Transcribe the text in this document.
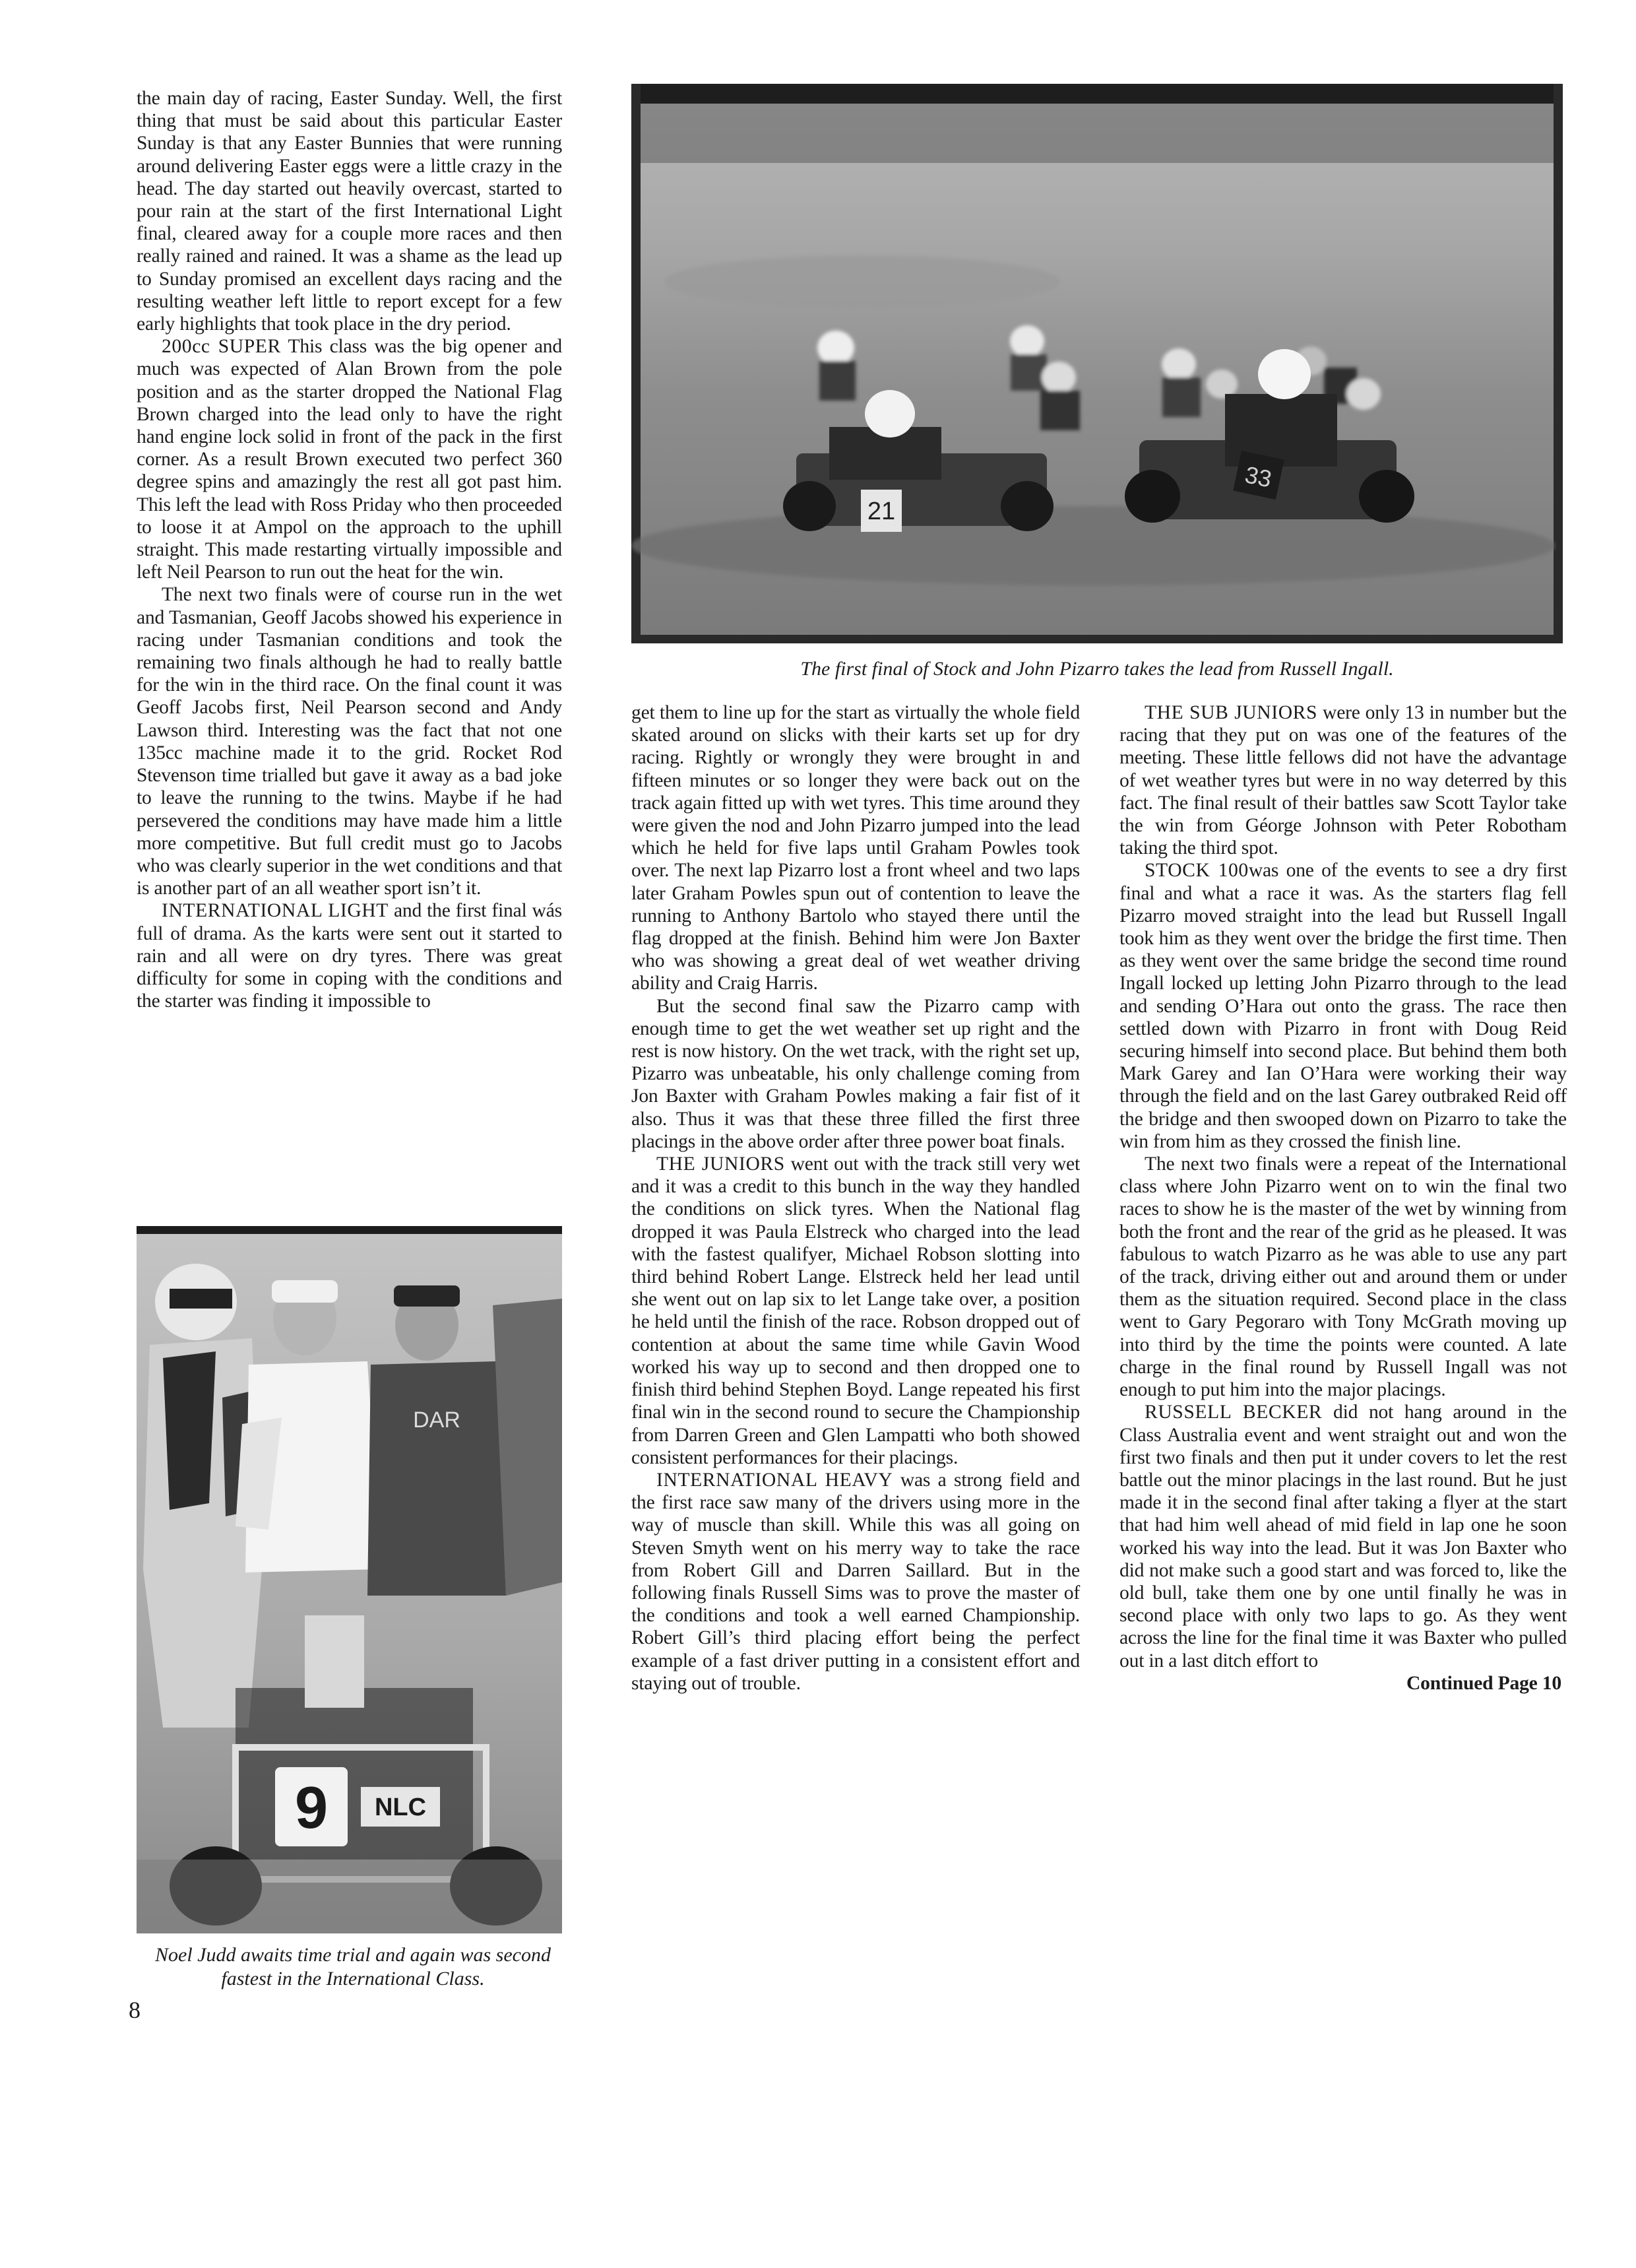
the main day of racing, Easter Sunday. Well, the first thing that must be said about this particular Easter Sunday is that any Easter Bunnies that were running around delivering Easter eggs were a little crazy in the head. The day started out heavily overcast, started to pour rain at the start of the first International Light final, cleared away for a couple more races and then really rained and rained. It was a shame as the lead up to Sunday promised an excellent days racing and the resulting weather left little to report except for a few early highlights that took place in the dry period.

200cc SUPER This class was the big opener and much was expected of Alan Brown from the pole position and as the starter dropped the National Flag Brown charged into the lead only to have the right hand engine lock solid in front of the pack in the first corner. As a result Brown executed two perfect 360 degree spins and amazingly the rest all got past him. This left the lead with Ross Priday who then proceeded to loose it at Ampol on the approach to the uphill straight. This made restarting virtually impossible and left Neil Pearson to run out the heat for the win.

The next two finals were of course run in the wet and Tasmanian, Geoff Jacobs showed his experience in racing under Tasmanian conditions and took the remaining two finals although he had to really battle for the win in the third race. On the final count it was Geoff Jacobs first, Neil Pearson second and Andy Lawson third. Interesting was the fact that not one 135cc machine made it to the grid. Rocket Rod Stevenson time trialled but gave it away as a bad joke to leave the running to the twins. Maybe if he had persevered the conditions may have made him a little more competitive. But full credit must go to Jacobs who was clearly superior in the wet conditions and that is another part of an all weather sport isn’t it.

INTERNATIONAL LIGHT and the first final wás full of drama. As the karts were sent out it started to rain and all were on dry tyres. There was great difficulty for some in coping with the conditions and the starter was finding it impossible to

21
33
The first final of Stock and John Pizarro takes the lead from Russell Ingall.
DAR
9 NLC
Noel Judd awaits time trial and again was second fastest in the International Class.

get them to line up for the start as virtually the whole field skated around on slicks with their karts set up for dry racing. Rightly or wrongly they were brought in and fifteen minutes or so longer they were back out on the track again fitted up with wet tyres. This time around they were given the nod and John Pizarro jumped into the lead which he held for five laps until Graham Powles took over. The next lap Pizarro lost a front wheel and two laps later Graham Powles spun out of contention to leave the running to Anthony Bartolo who stayed there until the flag dropped at the finish. Behind him were Jon Baxter who was showing a great deal of wet weather driving ability and Craig Harris.

But the second final saw the Pizarro camp with enough time to get the wet weather set up right and the rest is now history. On the wet track, with the right set up, Pizarro was unbeatable, his only challenge coming from Jon Baxter with Graham Powles making a fair fist of it also. Thus it was that these three filled the first three placings in the above order after three power boat finals.

THE JUNIORS went out with the track still very wet and it was a credit to this bunch in the way they handled the conditions on slick tyres. When the National flag dropped it was Paula Elstreck who charged into the lead with the fastest qualifyer, Michael Robson slotting into third behind Robert Lange. Elstreck held her lead until she went out on lap six to let Lange take over, a position he held until the finish of the race. Robson dropped out of contention at about the same time while Gavin Wood worked his way up to second and then dropped one to finish third behind Stephen Boyd. Lange repeated his first final win in the second round to secure the Championship from Darren Green and Glen Lampatti who both showed consistent performances for their placings.

INTERNATIONAL HEAVY was a strong field and the first race saw many of the drivers using more in the way of muscle than skill. While this was all going on Steven Smyth went on his merry way to take the race from Robert Gill and Darren Saillard. But in the following finals Russell Sims was to prove the master of the conditions and took a well earned Championship. Robert Gill’s third placing effort being the perfect example of a fast driver putting in a consistent effort and staying out of trouble.

THE SUB JUNIORS were only 13 in number but the racing that they put on was one of the features of the meeting. These little fellows did not have the advantage of wet weather tyres but were in no way deterred by this fact. The final result of their battles saw Scott Taylor take the win from Géorge Johnson with Peter Robotham taking the third spot.

STOCK 100was one of the events to see a dry first final and what a race it was. As the starters flag fell Pizarro moved straight into the lead but Russell Ingall took him as they went over the bridge the first time. Then as they went over the same bridge the second time round Ingall locked up letting John Pizarro through to the lead and sending O’Hara out onto the grass. The race then settled down with Pizarro in front with Doug Reid securing himself into second place. But behind them both Mark Garey and Ian O’Hara were working their way through the field and on the last Garey outbraked Reid off the bridge and then swooped down on Pizarro to take the win from him as they crossed the finish line.

The next two finals were a repeat of the International class where John Pizarro went on to win the final two races to show he is the master of the wet by winning from both the front and the rear of the grid as he pleased. It was fabulous to watch Pizarro as he was able to use any part of the track, driving either out and around them or under them as the situation required. Second place in the class went to Gary Pegoraro with Tony McGrath moving up into third by the time the points were counted. A late charge in the final round by Russell Ingall was not enough to put him into the major placings.

RUSSELL BECKER did not hang around in the Class Australia event and went straight out and won the first two finals and then put it under covers to let the rest battle out the minor placings in the last round. But he just made it in the second final after taking a flyer at the start that had him well ahead of mid field in lap one he soon worked his way into the lead. But it was Jon Baxter who did not make such a good start and was forced to, like the old bull, take them one by one until finally he was in second place with only two laps to go. As they went across the line for the final time it was Baxter who pulled out in a last ditch effort to

Continued Page 10

8
